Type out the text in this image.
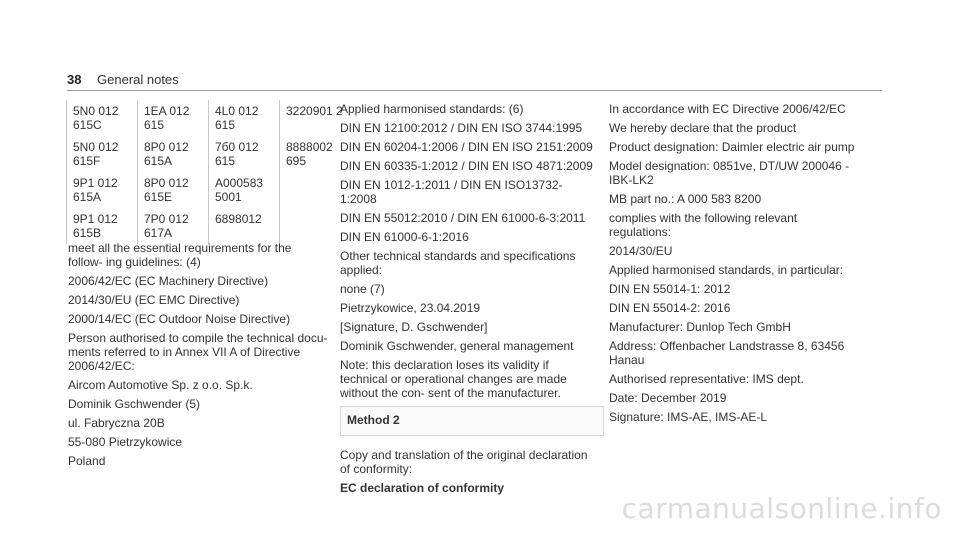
38 General notes
5N0 012 615C	1EA 012 615	4L0 012 615	3220901 2
5N0 012 615F	8P0 012 615A	7б0 012 615	8888002 695
9P1 012 615A	8P0 012 615E	A000583 5001	
9P1 012 615B	7P0 012 617A	6898012	

meet all the essential requirements for the follow‐ ing guidelines: (4)

2006/42/EC (EC Machinery Directive)

2014/30/EU (EC EMC Directive)

2000/14/EC (EC Outdoor Noise Directive)

Person authorised to compile the technical docu‐ ments referred to in Annex VII A of Directive 2006/42/EC:

Aircom Automotive Sp. z o.o. Sp.k.

Dominik Gschwender (5)

ul. Fabryczna 20B

55-080 Pietrzykowice

Poland

Applied harmonised standards: (6)

DIN EN 12100:2012 / DIN EN ISO 3744:1995

DIN EN 60204-1:2006 / DIN EN ISO 2151:2009

DIN EN 60335-1:2012 / DIN EN ISO 4871:2009

DIN EN 1012-1:2011 / DIN EN ISO13732-1:2008

DIN EN 55012:2010 / DIN EN 61000-6-3:2011

DIN EN 61000-6-1:2016

Other technical standards and specifications applied:

none (7)

Pietrzykowice, 23.04.2019

[Signature, D. Gschwender]

Dominik Gschwender, general management

Note: this declaration loses its validity if technical or operational changes are made without the con‐ sent of the manufacturer.

Method 2

Copy and translation of the original declaration of conformity:

EC declaration of conformity

In accordance with EC Directive 2006/42/EC

We hereby declare that the product

Product designation: Daimler electric air pump

Model designation: 0851ve, DT/UW 200046 - IBK-LK2

MB part no.: A 000 583 8200

complies with the following relevant regulations:

2014/30/EU

Applied harmonised standards, in particular:

DIN EN 55014-1: 2012

DIN EN 55014-2: 2016

Manufacturer: Dunlop Tech GmbH

Address: Offenbacher Landstrasse 8, 63456 Hanau

Authorised representative: IMS dept.

Date: December 2019

Signature: IMS-AE, IMS-AE-L

carmanualsonline.info
